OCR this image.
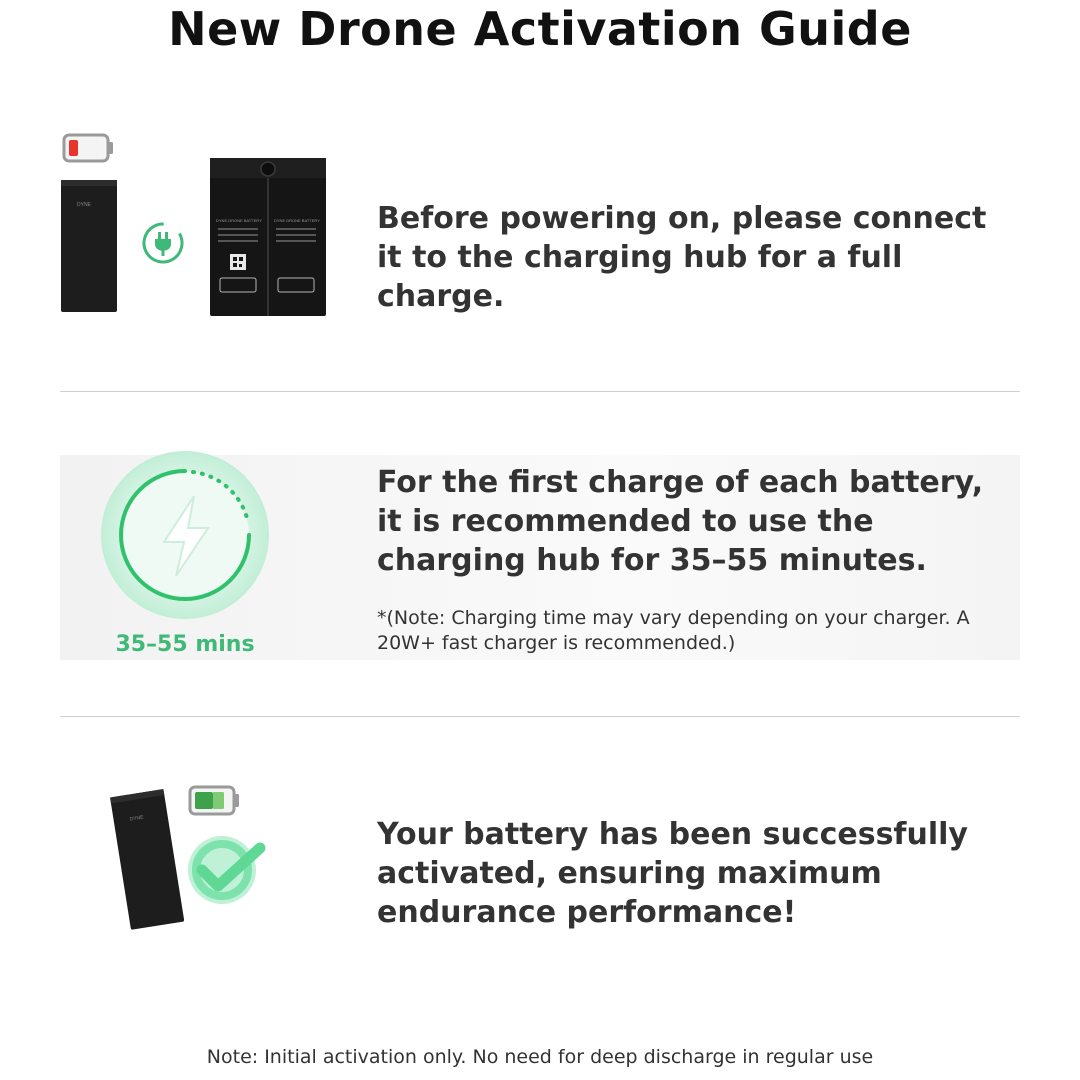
New Drone Activation Guide
DYNE
DYNE DRONE BATTERY	DYNE DRONE BATTERY Before powering on, please connect it to the charging hub for a full charge.
35–55 mins
For the first charge of each battery, it is recommended to use the charging hub for 35–55 minutes.
*(Note: Charging time may vary depending on your charger. A 20W+ fast charger is recommended.)
DYNE	Your battery has been successfully activated, ensuring maximum endurance performance!
Note: Initial activation only. No need for deep discharge in regular use
